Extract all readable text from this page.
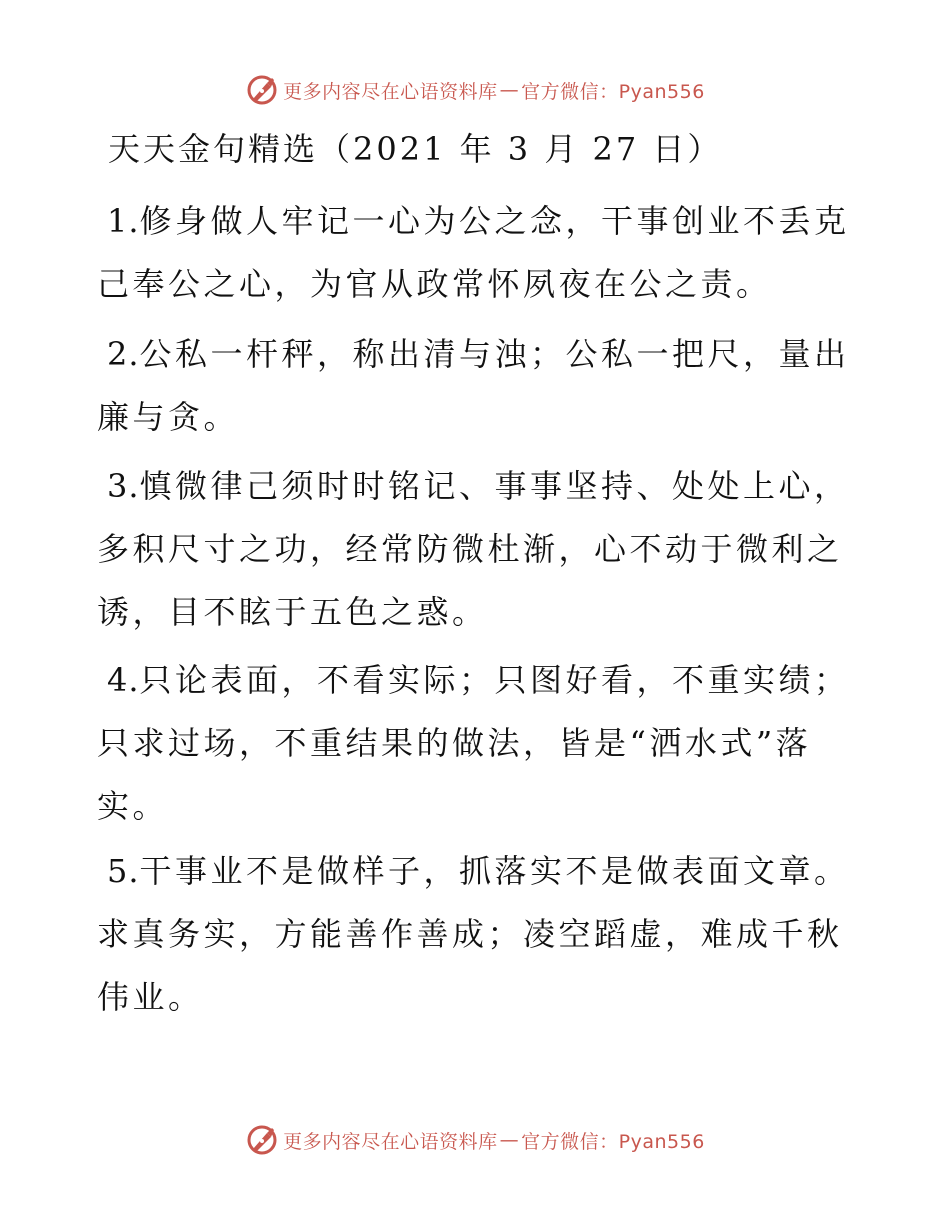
更多内容尽在心语资料库 — 官方微信：Pyan556
天天金句精选（2021 年 3 月 27 日）

1.修身做人牢记一心为公之念，干事创业不丢克己奉公之心，为官从政常怀夙夜在公之责。

2.公私一杆秤，称出清与浊；公私一把尺，量出廉与贪。

3.慎微律己须时时铭记、事事坚持、处处上心，多积尺寸之功，经常防微杜渐，心不动于微利之诱，目不眩于五色之惑。

4.只论表面，不看实际；只图好看，不重实绩；只求过场，不重结果的做法，皆是“洒水式”落实。

5.干事业不是做样子，抓落实不是做表面文章。求真务实，方能善作善成；凌空蹈虚，难成千秋伟业。

更多内容尽在心语资料库 — 官方微信：Pyan556
